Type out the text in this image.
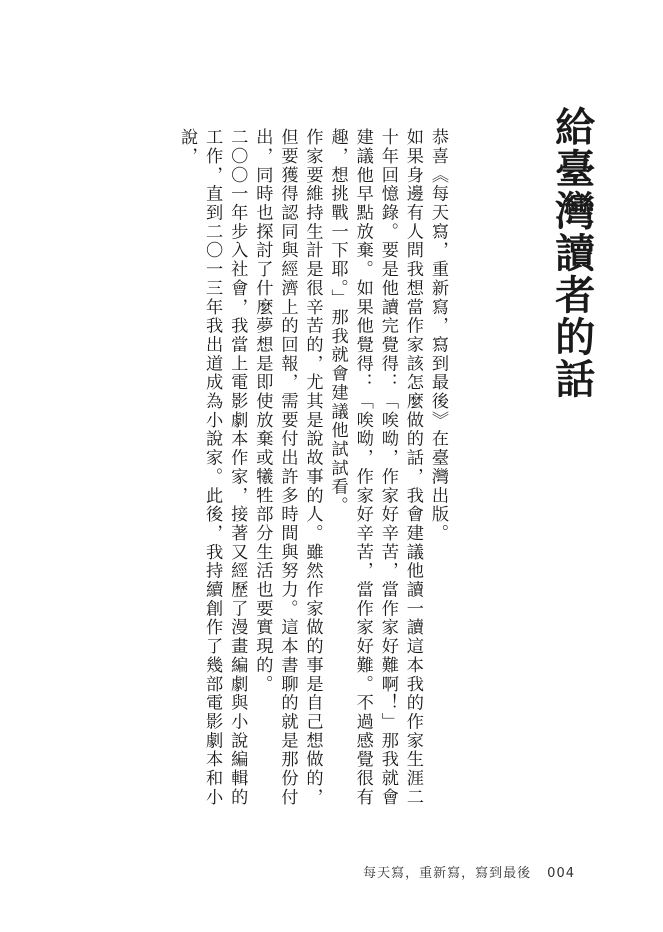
給臺灣讀者的話

恭喜《每天寫，重新寫，寫到最後》在臺灣出版。

如果身邊有人問我想當作家該怎麼做的話，我會建議他讀一讀這本我的作家生涯二十年回憶錄。要是他讀完覺得：「唉呦，作家好辛苦，當作家好難啊！」那我就會建議他早點放棄。如果他覺得：「唉呦，作家好辛苦，當作家好難。不過感覺很有趣，想挑戰一下耶。」那我就會建議他試試看。

作家要維持生計是很辛苦的，尤其是說故事的人。雖然作家做的事是自己想做的，但要獲得認同與經濟上的回報，需要付出許多時間與努力。這本書聊的就是那份付出，同時也探討了什麼夢想是即使放棄或犧牲部分生活也要實現的。

二〇〇一年步入社會，我當上電影劇本作家，接著又經歷了漫畫編劇與小說編輯的工作，直到二〇一三年我出道成為小說家。此後，我持續創作了幾部電影劇本和小說，

每天寫，重新寫，寫到最後 004
